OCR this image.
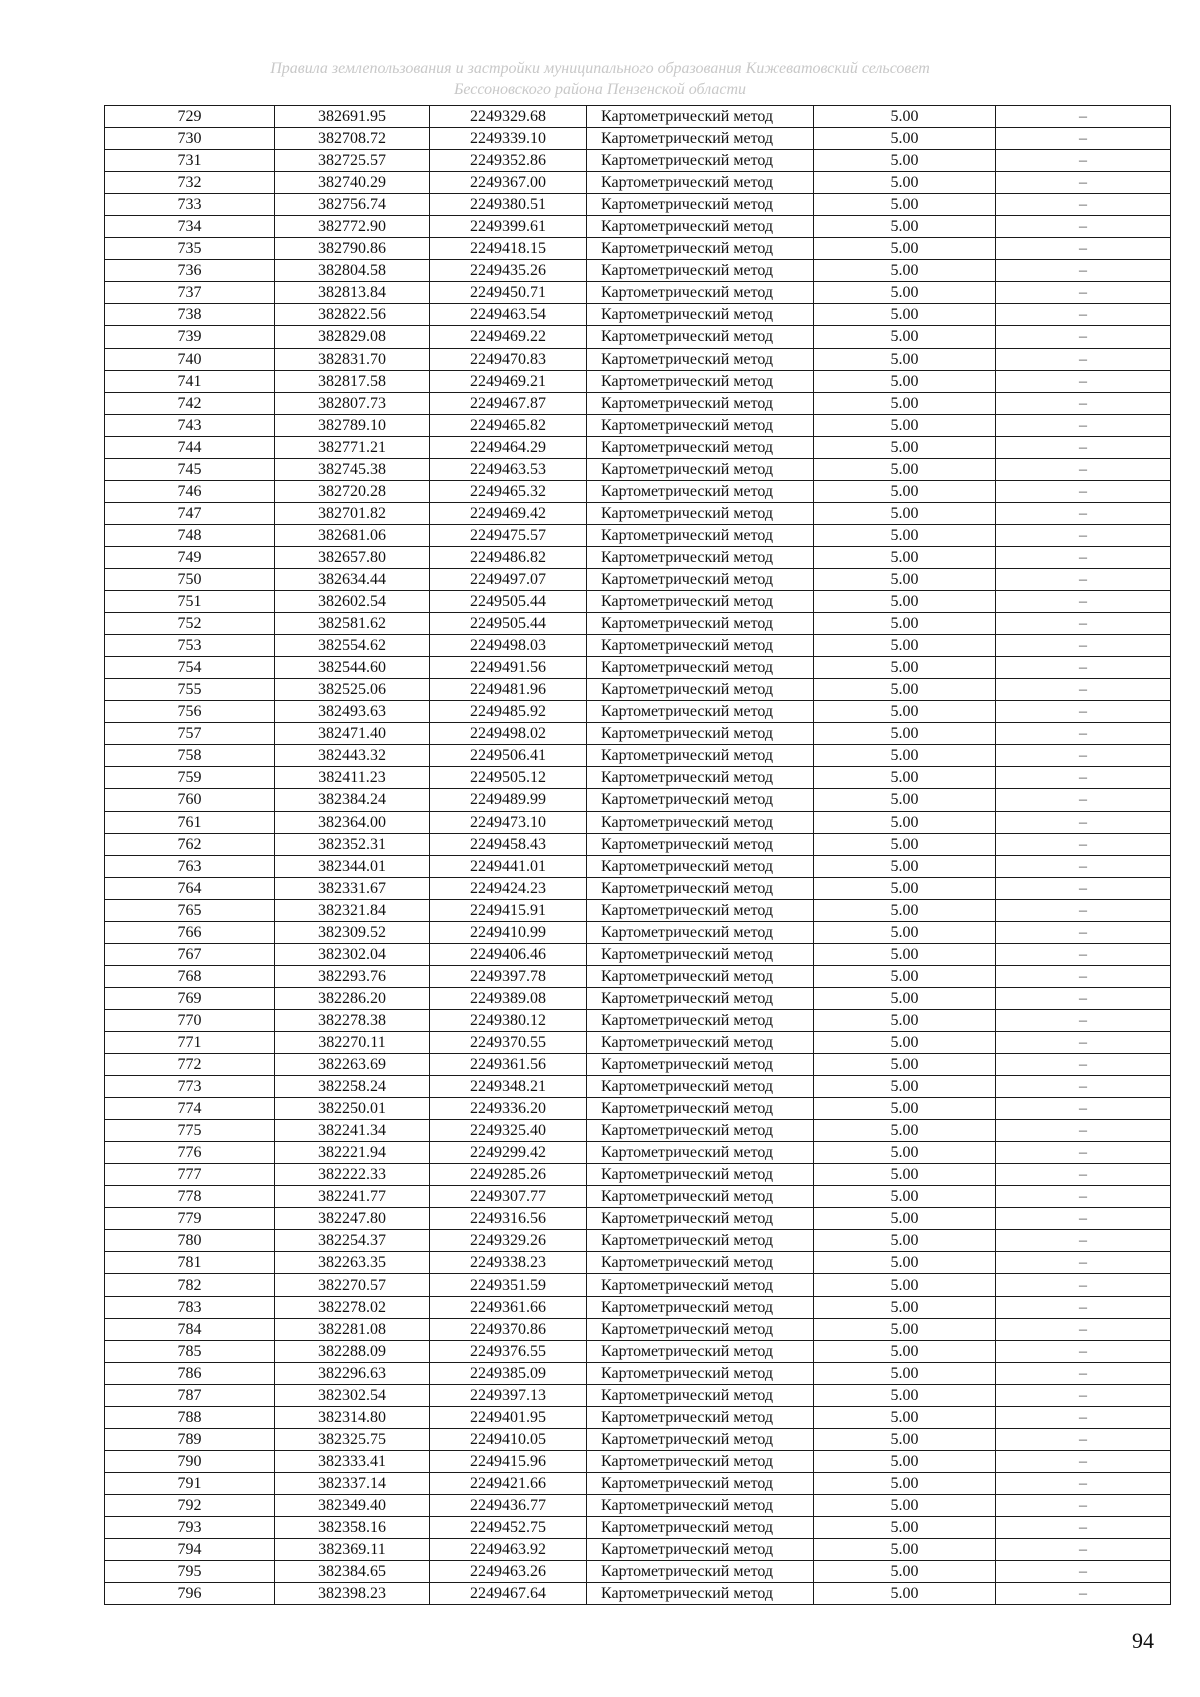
Правила землепользования и застройки муниципального образования Кижеватовский сельсовет
Бессоновского района Пензенской области
729	382691.95	2249329.68	Картометрический метод	5.00	–
730	382708.72	2249339.10	Картометрический метод	5.00	–
731	382725.57	2249352.86	Картометрический метод	5.00	–
732	382740.29	2249367.00	Картометрический метод	5.00	–
733	382756.74	2249380.51	Картометрический метод	5.00	–
734	382772.90	2249399.61	Картометрический метод	5.00	–
735	382790.86	2249418.15	Картометрический метод	5.00	–
736	382804.58	2249435.26	Картометрический метод	5.00	–
737	382813.84	2249450.71	Картометрический метод	5.00	–
738	382822.56	2249463.54	Картометрический метод	5.00	–
739	382829.08	2249469.22	Картометрический метод	5.00	–
740	382831.70	2249470.83	Картометрический метод	5.00	–
741	382817.58	2249469.21	Картометрический метод	5.00	–
742	382807.73	2249467.87	Картометрический метод	5.00	–
743	382789.10	2249465.82	Картометрический метод	5.00	–
744	382771.21	2249464.29	Картометрический метод	5.00	–
745	382745.38	2249463.53	Картометрический метод	5.00	–
746	382720.28	2249465.32	Картометрический метод	5.00	–
747	382701.82	2249469.42	Картометрический метод	5.00	–
748	382681.06	2249475.57	Картометрический метод	5.00	–
749	382657.80	2249486.82	Картометрический метод	5.00	–
750	382634.44	2249497.07	Картометрический метод	5.00	–
751	382602.54	2249505.44	Картометрический метод	5.00	–
752	382581.62	2249505.44	Картометрический метод	5.00	–
753	382554.62	2249498.03	Картометрический метод	5.00	–
754	382544.60	2249491.56	Картометрический метод	5.00	–
755	382525.06	2249481.96	Картометрический метод	5.00	–
756	382493.63	2249485.92	Картометрический метод	5.00	–
757	382471.40	2249498.02	Картометрический метод	5.00	–
758	382443.32	2249506.41	Картометрический метод	5.00	–
759	382411.23	2249505.12	Картометрический метод	5.00	–
760	382384.24	2249489.99	Картометрический метод	5.00	–
761	382364.00	2249473.10	Картометрический метод	5.00	–
762	382352.31	2249458.43	Картометрический метод	5.00	–
763	382344.01	2249441.01	Картометрический метод	5.00	–
764	382331.67	2249424.23	Картометрический метод	5.00	–
765	382321.84	2249415.91	Картометрический метод	5.00	–
766	382309.52	2249410.99	Картометрический метод	5.00	–
767	382302.04	2249406.46	Картометрический метод	5.00	–
768	382293.76	2249397.78	Картометрический метод	5.00	–
769	382286.20	2249389.08	Картометрический метод	5.00	–
770	382278.38	2249380.12	Картометрический метод	5.00	–
771	382270.11	2249370.55	Картометрический метод	5.00	–
772	382263.69	2249361.56	Картометрический метод	5.00	–
773	382258.24	2249348.21	Картометрический метод	5.00	–
774	382250.01	2249336.20	Картометрический метод	5.00	–
775	382241.34	2249325.40	Картометрический метод	5.00	–
776	382221.94	2249299.42	Картометрический метод	5.00	–
777	382222.33	2249285.26	Картометрический метод	5.00	–
778	382241.77	2249307.77	Картометрический метод	5.00	–
779	382247.80	2249316.56	Картометрический метод	5.00	–
780	382254.37	2249329.26	Картометрический метод	5.00	–
781	382263.35	2249338.23	Картометрический метод	5.00	–
782	382270.57	2249351.59	Картометрический метод	5.00	–
783	382278.02	2249361.66	Картометрический метод	5.00	–
784	382281.08	2249370.86	Картометрический метод	5.00	–
785	382288.09	2249376.55	Картометрический метод	5.00	–
786	382296.63	2249385.09	Картометрический метод	5.00	–
787	382302.54	2249397.13	Картометрический метод	5.00	–
788	382314.80	2249401.95	Картометрический метод	5.00	–
789	382325.75	2249410.05	Картометрический метод	5.00	–
790	382333.41	2249415.96	Картометрический метод	5.00	–
791	382337.14	2249421.66	Картометрический метод	5.00	–
792	382349.40	2249436.77	Картометрический метод	5.00	–
793	382358.16	2249452.75	Картометрический метод	5.00	–
794	382369.11	2249463.92	Картометрический метод	5.00	–
795	382384.65	2249463.26	Картометрический метод	5.00	–
796	382398.23	2249467.64	Картометрический метод	5.00	–
94
